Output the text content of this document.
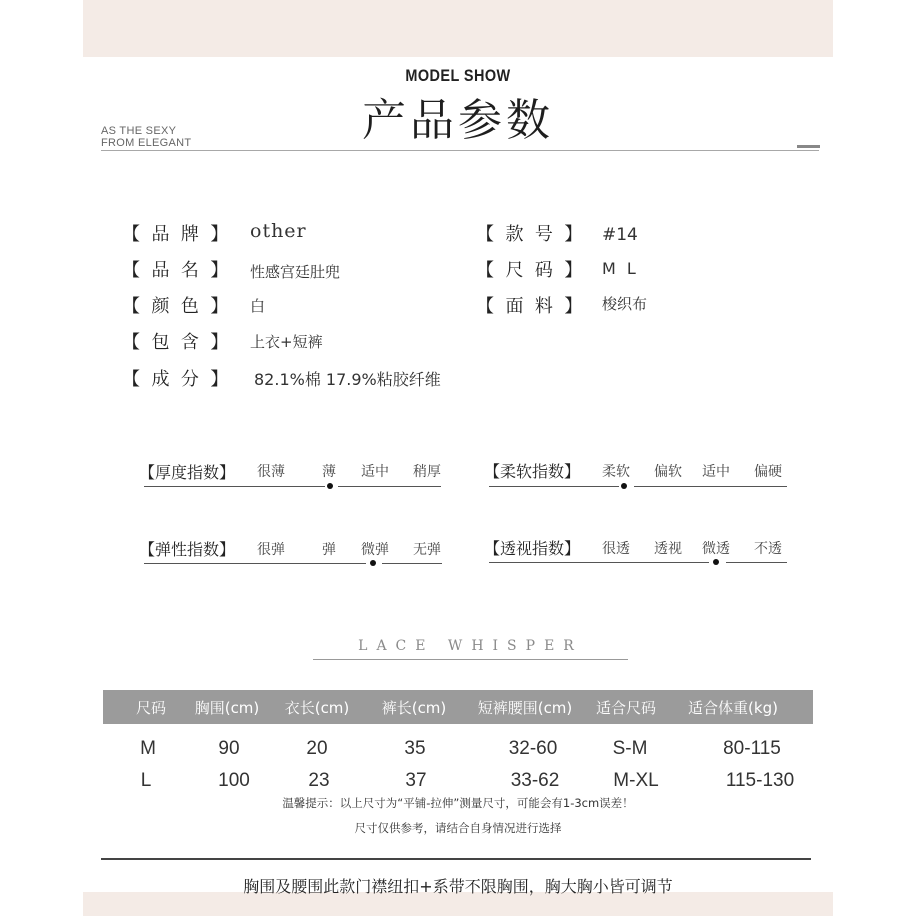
MODEL SHOW
产品参数
AS THE SEXY
FROM ELEGANT
【  品  牌  】 other
【  品  名  】 性感宫廷肚兜
【  颜  色  】 白
【  包  含  】 上衣+短裤
【  成  分  】 82.1%棉 17.9%粘胶纤维
【  款  号  】 #14
【  尺  码  】 M L
【  面  料  】 梭织布
【厚度指数】 很薄	薄 适中 稍厚	【柔软指数】 柔软 偏软 适中 偏硬
【弹性指数】 很弹	弹 微弹 无弹	【透视指数】 很透 透视 微透 不透
LACE WHISPER
尺码 胸围(cm) 衣长(cm) 裤长(cm) 短裤腰围(cm) 适合尺码 适合体重(kg)
M	90	20	35	32-60	S-M	80-115
L	100	23	37	33-62	M-XL	115-130
温馨提示：以上尺寸为“平铺-拉伸”测量尺寸，可能会有1-3cm误差！
尺寸仅供参考，请结合自身情况进行选择
胸围及腰围此款门襟纽扣+系带不限胸围，胸大胸小皆可调节
